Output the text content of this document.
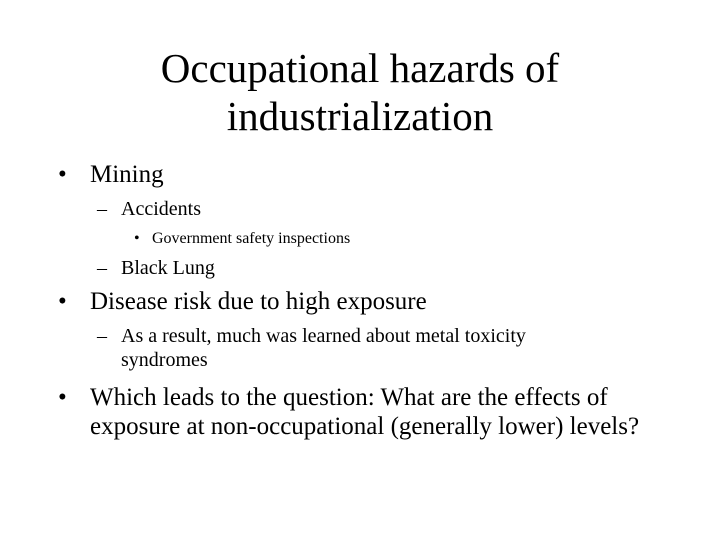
Occupational hazards of
industrialization
• Mining
– Accidents
• Government safety inspections
– Black Lung
• Disease risk due to high exposure
– As a result, much was learned about metal toxicity syndromes
• Which leads to the question: What are the effects of exposure at non-occupational (generally lower) levels?
